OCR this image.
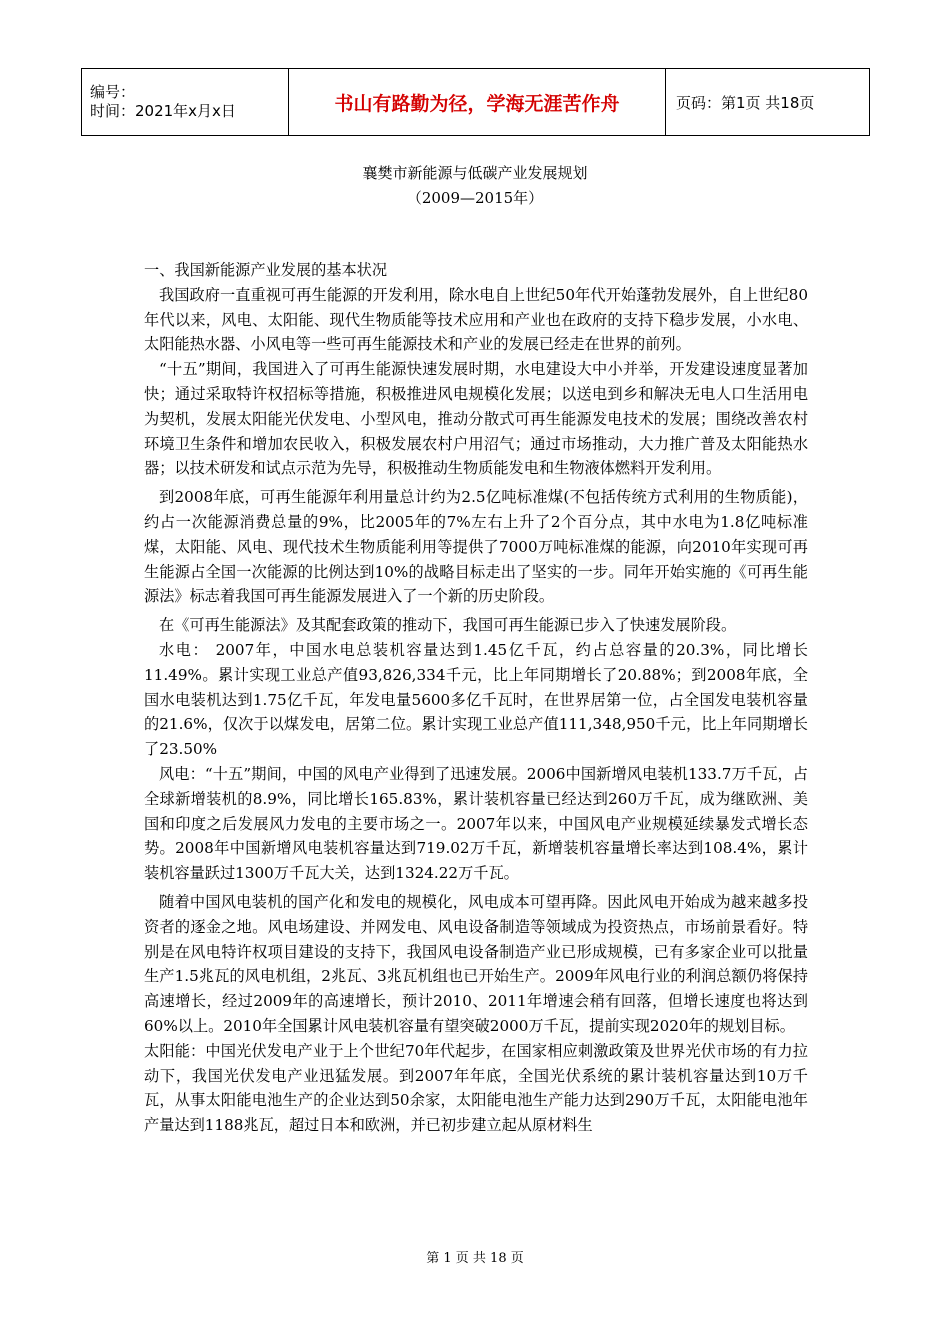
编号：
时间：2021年x月x日	书山有路勤为径，学海无涯苦作舟	页码：第1页 共18页
襄樊市新能源与低碳产业发展规划
（2009—2015年）

一、我国新能源产业发展的基本状况

我国政府一直重视可再生能源的开发利用，除水电自上世纪50年代开始蓬勃发展外，自上世纪80年代以来，风电、太阳能、现代生物质能等技术应用和产业也在政府的支持下稳步发展，小水电、太阳能热水器、小风电等一些可再生能源技术和产业的发展已经走在世界的前列。

“十五”期间，我国进入了可再生能源快速发展时期，水电建设大中小并举，开发建设速度显著加快；通过采取特许权招标等措施，积极推进风电规模化发展；以送电到乡和解决无电人口生活用电为契机，发展太阳能光伏发电、小型风电，推动分散式可再生能源发电技术的发展；围绕改善农村环境卫生条件和增加农民收入，积极发展农村户用沼气；通过市场推动，大力推广普及太阳能热水器；以技术研发和试点示范为先导，积极推动生物质能发电和生物液体燃料开发利用。

到2008年底，可再生能源年利用量总计约为2.5亿吨标准煤(不包括传统方式利用的生物质能)，约占一次能源消费总量的9%，比2005年的7%左右上升了2个百分点，其中水电为1.8亿吨标准煤，太阳能、风电、现代技术生物质能利用等提供了7000万吨标准煤的能源，向2010年实现可再生能源占全国一次能源的比例达到10%的战略目标走出了坚实的一步。同年开始实施的《可再生能源法》标志着我国可再生能源发展进入了一个新的历史阶段。

在《可再生能源法》及其配套政策的推动下，我国可再生能源已步入了快速发展阶段。

水电： 2007年，中国水电总装机容量达到1.45亿千瓦，约占总容量的20.3%，同比增长11.49%。累计实现工业总产值93,826,334千元，比上年同期增长了20.88%；到2008年底，全国水电装机达到1.75亿千瓦，年发电量5600多亿千瓦时，在世界居第一位，占全国发电装机容量的21.6%，仅次于以煤发电，居第二位。累计实现工业总产值111,348,950千元，比上年同期增长了23.50%

风电：“十五”期间，中国的风电产业得到了迅速发展。2006中国新增风电装机133.7万千瓦，占全球新增装机的8.9%，同比增长165.83%，累计装机容量已经达到260万千瓦，成为继欧洲、美国和印度之后发展风力发电的主要市场之一。2007年以来，中国风电产业规模延续暴发式增长态势。2008年中国新增风电装机容量达到719.02万千瓦，新增装机容量增长率达到108.4%，累计装机容量跃过1300万千瓦大关，达到1324.22万千瓦。

随着中国风电装机的国产化和发电的规模化，风电成本可望再降。因此风电开始成为越来越多投资者的逐金之地。风电场建设、并网发电、风电设备制造等领域成为投资热点，市场前景看好。特别是在风电特许权项目建设的支持下，我国风电设备制造产业已形成规模，已有多家企业可以批量生产1.5兆瓦的风电机组，2兆瓦、3兆瓦机组也已开始生产。2009年风电行业的利润总额仍将保持高速增长，经过2009年的高速增长，预计2010、2011年增速会稍有回落，但增长速度也将达到60%以上。2010年全国累计风电装机容量有望突破2000万千瓦，提前实现2020年的规划目标。

太阳能：中国光伏发电产业于上个世纪70年代起步，在国家相应刺激政策及世界光伏市场的有力拉动下，我国光伏发电产业迅猛发展。到2007年年底，全国光伏系统的累计装机容量达到10万千瓦，从事太阳能电池生产的企业达到50余家，太阳能电池生产能力达到290万千瓦，太阳能电池年产量达到1188兆瓦，超过日本和欧洲，并已初步建立起从原材料生

第 1 页 共 18 页
